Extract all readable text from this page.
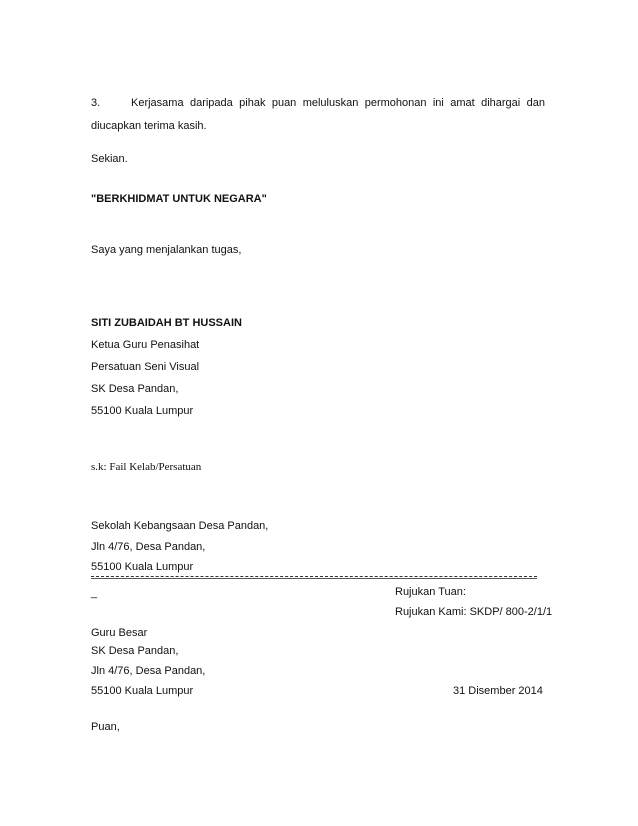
3.	Kerjasama daripada pihak puan meluluskan permohonan ini amat dihargai dan
diucapkan terima kasih.
Sekian.
"BERKHIDMAT UNTUK NEGARA"
Saya yang menjalankan tugas,
SITI ZUBAIDAH BT HUSSAIN
Ketua Guru Penasihat
Persatuan Seni Visual
SK Desa Pandan,
55100 Kuala Lumpur
s.k: Fail Kelab/Persatuan
Sekolah Kebangsaan Desa Pandan,
Jln 4/76, Desa Pandan,
55100 Kuala Lumpur
_	Rujukan Tuan:
Rujukan Kami: SKDP/ 800-2/1/1
Guru Besar
SK Desa Pandan,
Jln 4/76, Desa Pandan,
55100 Kuala Lumpur	31 Disember 2014
Puan,
